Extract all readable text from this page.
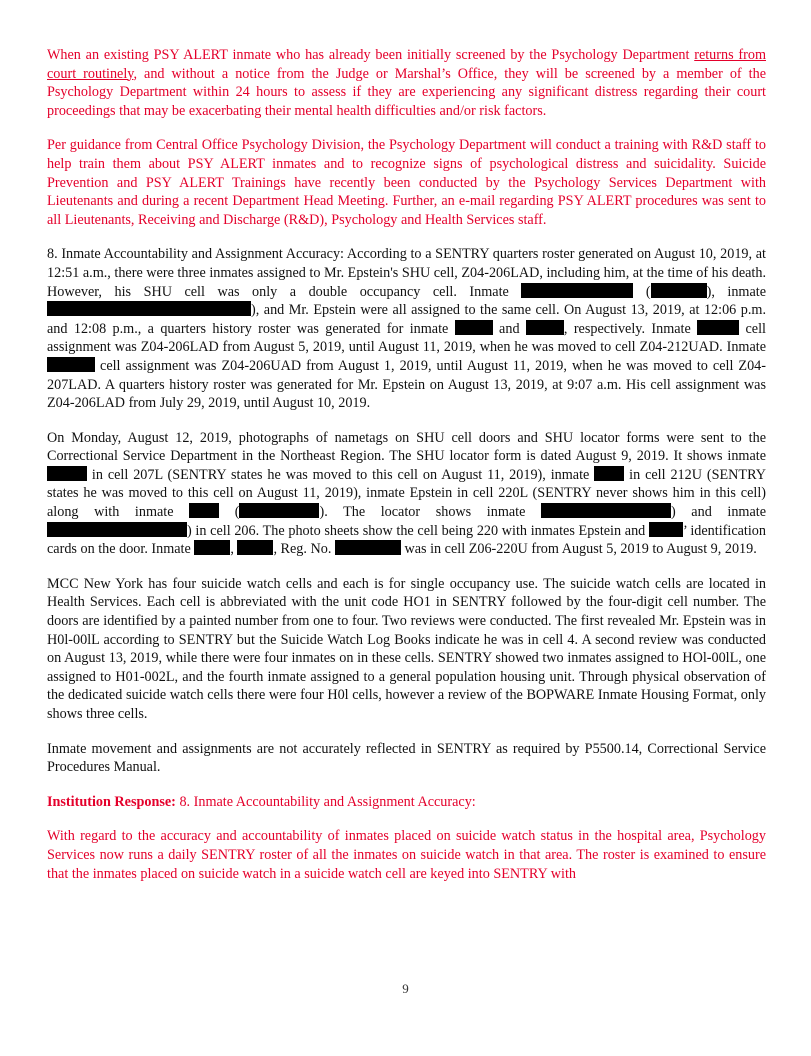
When an existing PSY ALERT inmate who has already been initially screened by the Psychology Department returns from court routinely, and without a notice from the Judge or Marshal’s Office, they will be screened by a member of the Psychology Department within 24 hours to assess if they are experiencing any significant distress regarding their court proceedings that may be exacerbating their mental health difficulties and/or risk factors.

Per guidance from Central Office Psychology Division, the Psychology Department will conduct a training with R&D staff to help train them about PSY ALERT inmates and to recognize signs of psychological distress and suicidality. Suicide Prevention and PSY ALERT Trainings have recently been conducted by the Psychology Services Department with Lieutenants and during a recent Department Head Meeting. Further, an e-mail regarding PSY ALERT procedures was sent to all Lieutenants, Receiving and Discharge (R&D), Psychology and Health Services staff.

8. Inmate Accountability and Assignment Accuracy: According to a SENTRY quarters roster generated on August 10, 2019, at 12:51 a.m., there were three inmates assigned to Mr. Epstein's SHU cell, Z04-206LAD, including him, at the time of his death. However, his SHU cell was only a double occupancy cell. Inmate	(	), inmate ), and Mr. Epstein were all assigned to the same cell. On August 13, 2019, at 12:06 p.m. and 12:08 p.m., a quarters history roster was generated for inmate	and	, respectively. Inmate	cell assignment was Z04-206LAD from August 5, 2019, until August 11, 2019, when he was moved to cell Z04-212UAD. Inmate  cell assignment was Z04-206UAD from August 1, 2019, until August 11, 2019, when he was moved to cell Z04-207LAD. A quarters history roster was generated for Mr. Epstein on August 13, 2019, at 9:07 a.m. His cell assignment was Z04-206LAD from July 29, 2019, until August 10, 2019.

On Monday, August 12, 2019, photographs of nametags on SHU cell doors and SHU locator forms were sent to the Correctional Service Department in the Northeast Region. The SHU locator form is dated August 9, 2019. It shows inmate  in cell 207L (SENTRY states he was moved to this cell on August 11, 2019), inmate  in cell 212U (SENTRY states he was moved to this cell on August 11, 2019), inmate Epstein in cell 220L (SENTRY never shows him in this cell) along with inmate  (	). The locator shows inmate	) and inmate ) in cell 206. The photo sheets show the cell being 220 with inmates Epstein and ’ identification cards on the door. Inmate	,	, Reg. No.	was in cell Z06-220U from August 5, 2019 to August 9, 2019.

MCC New York has four suicide watch cells and each is for single occupancy use. The suicide watch cells are located in Health Services. Each cell is abbreviated with the unit code HO1 in SENTRY followed by the four-digit cell number. The doors are identified by a painted number from one to four. Two reviews were conducted. The first revealed Mr. Epstein was in H0l-00lL according to SENTRY but the Suicide Watch Log Books indicate he was in cell 4. A second review was conducted on August 13, 2019, while there were four inmates on in these cells. SENTRY showed two inmates assigned to HOl-00lL, one assigned to H01-002L, and the fourth inmate assigned to a general population housing unit. Through physical observation of the dedicated suicide watch cells there were four H0l cells, however a review of the BOPWARE Inmate Housing Format, only shows three cells.

Inmate movement and assignments are not accurately reflected in SENTRY as required by P5500.14, Correctional Service Procedures Manual.

Institution Response: 8. Inmate Accountability and Assignment Accuracy:

With regard to the accuracy and accountability of inmates placed on suicide watch status in the hospital area, Psychology Services now runs a daily SENTRY roster of all the inmates on suicide watch in that area. The roster is examined to ensure that the inmates placed on suicide watch in a suicide watch cell are keyed into SENTRY with

9
